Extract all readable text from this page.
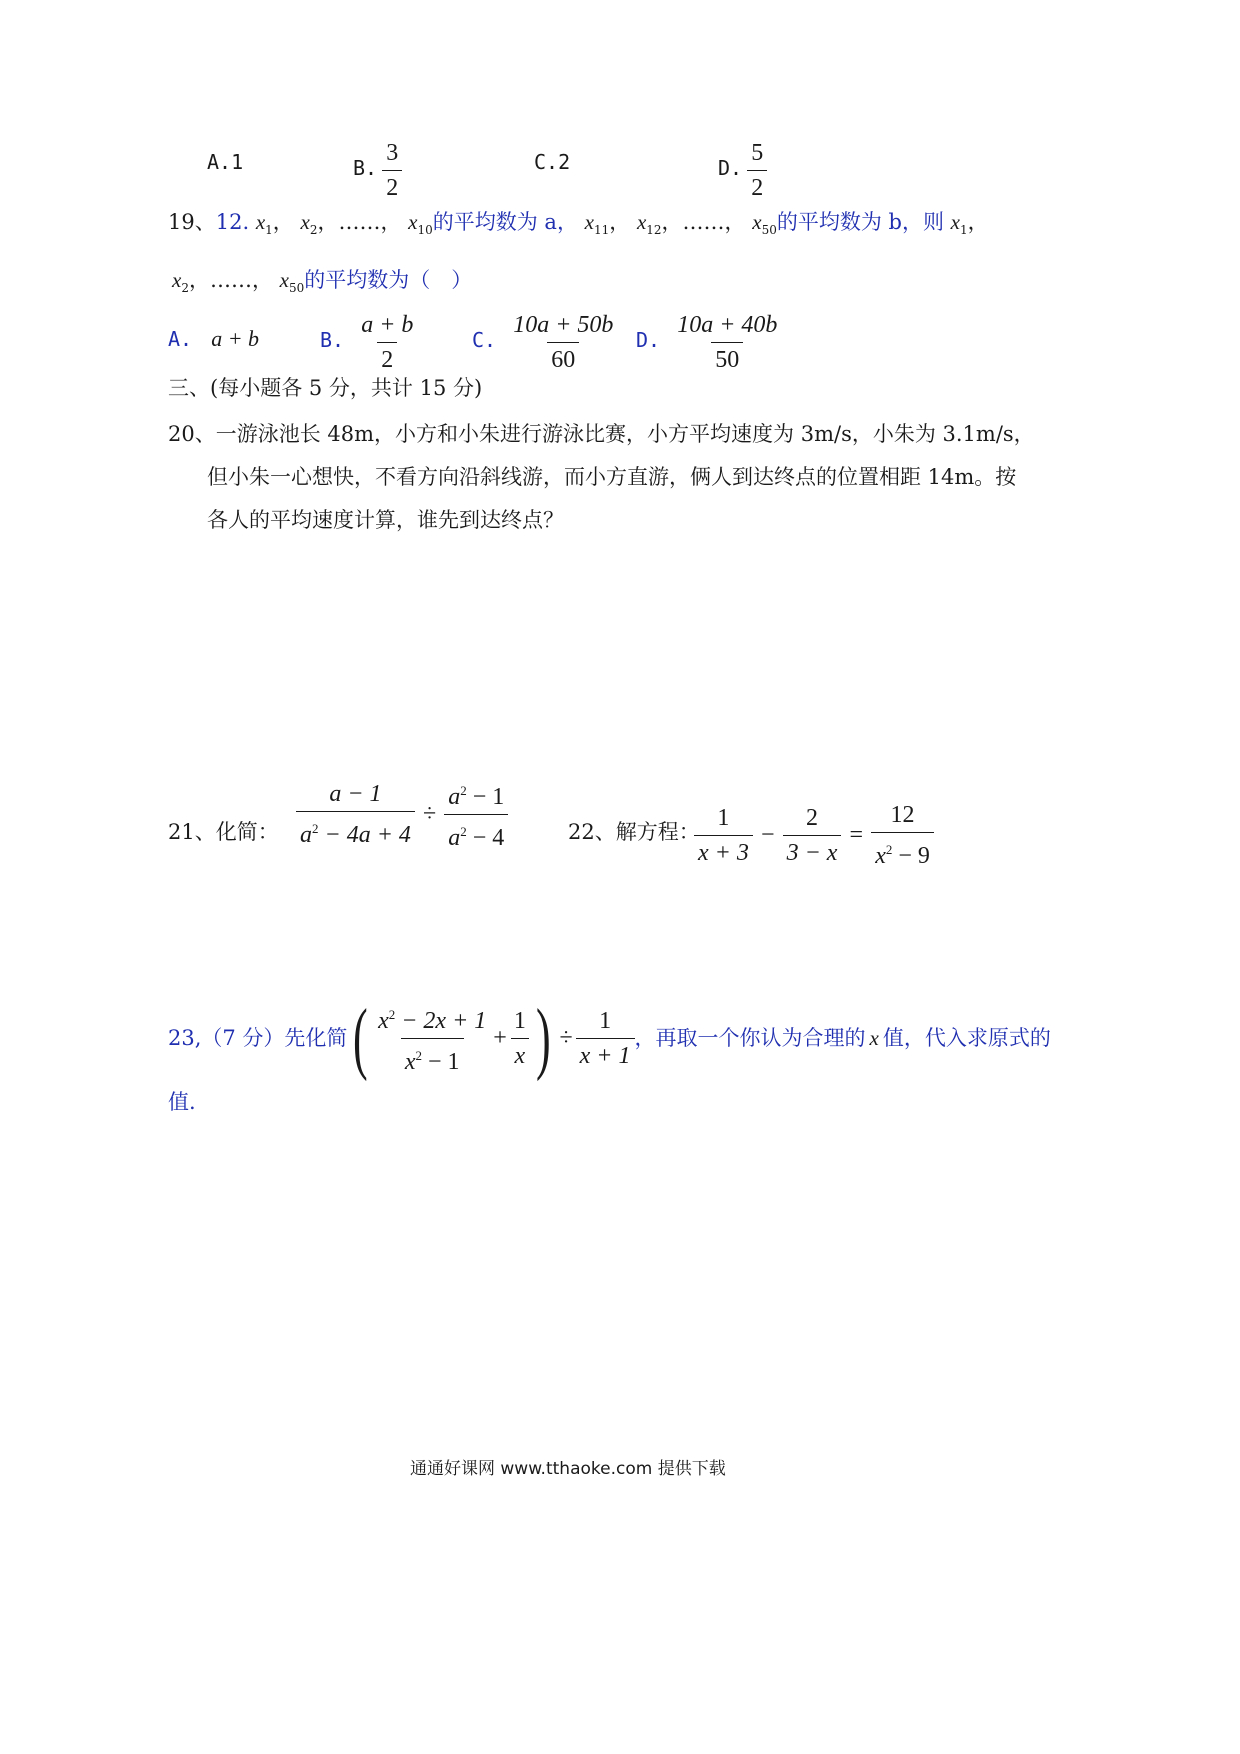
A.1	B. $\frac{3}{2}$	C.2	D. $\frac{5}{2}$
19、12. $x_1$， $x_2$，……， $x_{10}$的平均数为 a， $x_{11}$， $x_{12}$，……， $x_{50}$的平均数为 b，则 $x_1$，
$x_2$，……， $x_{50}$的平均数为（　）
A. a + b	B. $\frac{a + b}{2}$	C. $\frac{10a + 50b}{60} D$. $\frac{10a + 40b}{50}$
三、(每小题各 5 分，共计 15 分)
20、一游泳池长 48m，小方和小朱进行游泳比赛，小方平均速度为 3m/s，小朱为 3.1m/s，
但小朱一心想快，不看方向沿斜线游，而小方直游，俩人到达终点的位置相距 14m。按
各人的平均速度计算，谁先到达终点？
21、化简： $\frac{a - 1}{a^2 - 4a + 4} \div \frac{a^2 - 1}{a^2 - 4}$	22、解方程：
$\frac{1}{x + 3} - \frac{2}{3 - x} = \frac{12}{x^2 - 9}$
23,（7 分）先化简 ( $\frac{x^2 - 2x + 1}{x^2 - 1} + \frac{1}{x}$ ) ÷ $\frac{1}{x + 1}$ ，再取一个你认为合理的 x 值，代入求原式的
值.
通通好课网 www.tthaoke.com 提供下载
